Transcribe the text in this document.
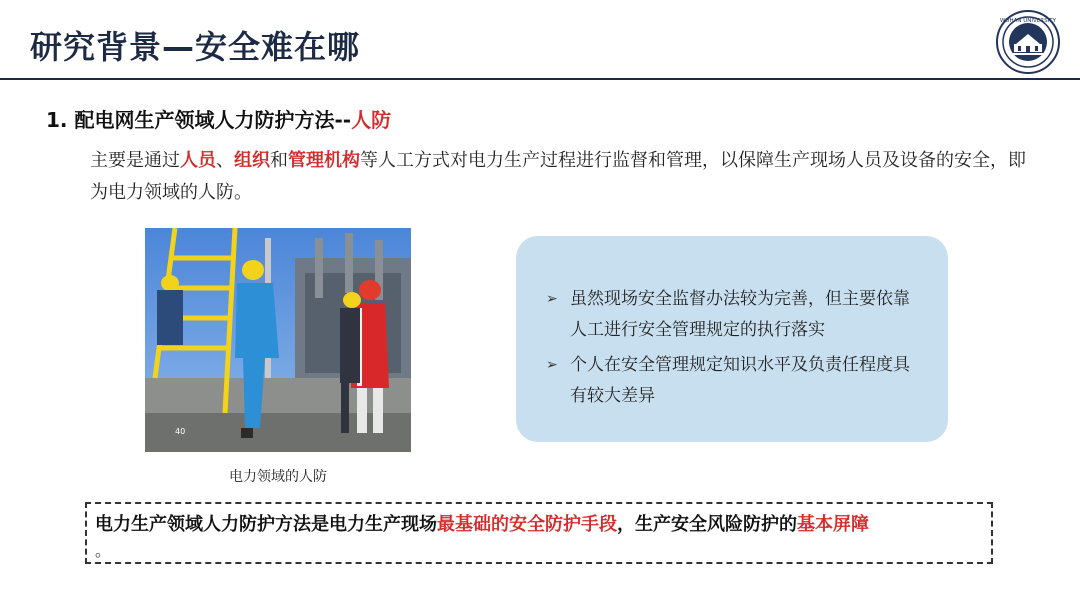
研究背景—安全难在哪
WUHAN UNIVERSITY
1. 配电网生产领域人力防护方法--人防
主要是通过人员、组织和管理机构等人工方式对电力生产过程进行监督和管理，以保障生产现场人员及设备的安全，即为电力领域的人防。
40
电力领域的人防
➢ 虽然现场安全监督办法较为完善，但主要依靠人工进行安全管理规定的执行落实
➢ 个人在安全管理规定知识水平及负责任程度具有较大差异
电力生产领域人力防护方法是电力生产现场最基础的安全防护手段，生产安全风险防护的基本屏障
。
